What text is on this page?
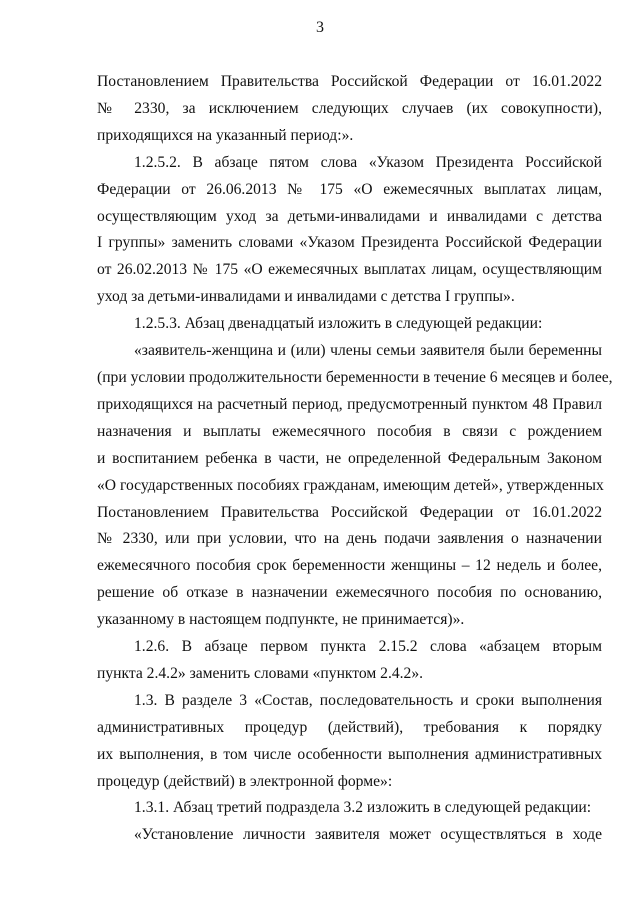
3
Постановлением Правительства Российской Федерации от 16.01.2022
№ 2330, за исключением следующих случаев (их совокупности),
приходящихся на указанный период:».
1.2.5.2. В абзаце пятом слова «Указом Президента Российской
Федерации от 26.06.2013 № 175 «О ежемесячных выплатах лицам,
осуществляющим уход за детьми-инвалидами и инвалидами с детства
I группы» заменить словами «Указом Президента Российской Федерации
от 26.02.2013 № 175 «О ежемесячных выплатах лицам, осуществляющим
уход за детьми-инвалидами и инвалидами с детства I группы».
1.2.5.3. Абзац двенадцатый изложить в следующей редакции:
«заявитель-женщина и (или) члены семьи заявителя были беременны
(при условии продолжительности беременности в течение 6 месяцев и более,
приходящихся на расчетный период, предусмотренный пунктом 48 Правил
назначения и выплаты ежемесячного пособия в связи с рождением
и воспитанием ребенка в части, не определенной Федеральным Законом
«О государственных пособиях гражданам, имеющим детей», утвержденных
Постановлением Правительства Российской Федерации от 16.01.2022
№ 2330, или при условии, что на день подачи заявления о назначении
ежемесячного пособия срок беременности женщины – 12 недель и более,
решение об отказе в назначении ежемесячного пособия по основанию,
указанному в настоящем подпункте, не принимается)».
1.2.6. В абзаце первом пункта 2.15.2 слова «абзацем вторым
пункта 2.4.2» заменить словами «пунктом 2.4.2».
1.3. В разделе 3 «Состав, последовательность и сроки выполнения
административных процедур (действий), требования к порядку
их выполнения, в том числе особенности выполнения административных
процедур (действий) в электронной форме»:
1.3.1. Абзац третий подраздела 3.2 изложить в следующей редакции:
«Установление личности заявителя может осуществляться в ходе
